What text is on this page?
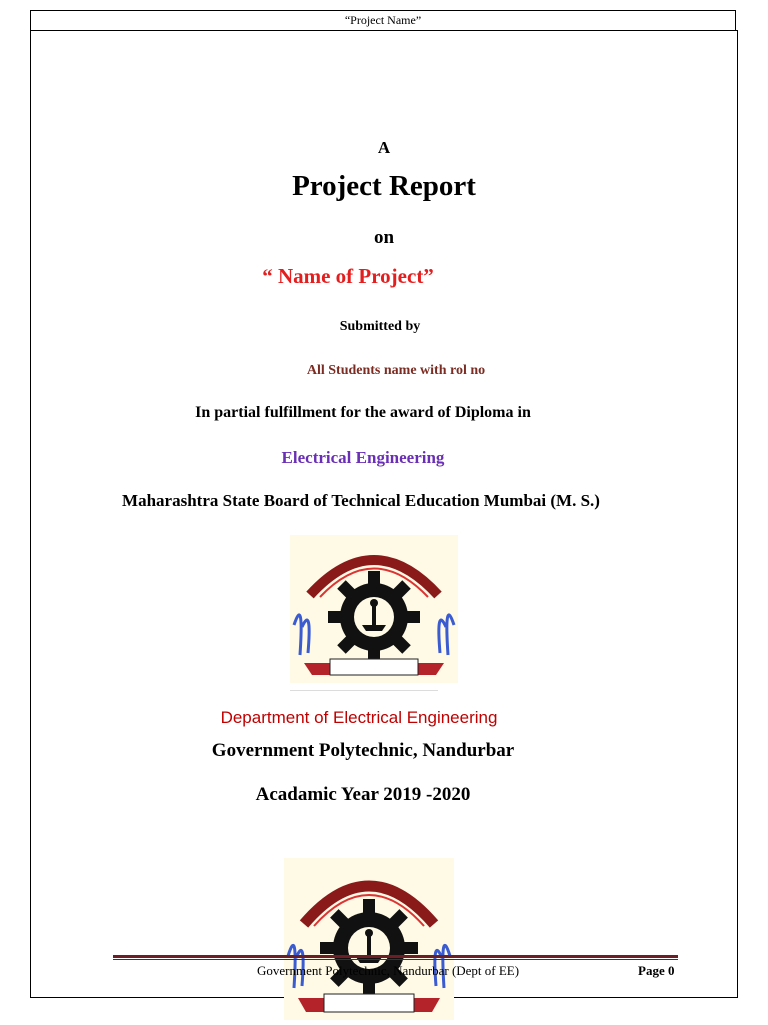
“Project Name”
A
Project Report
on
“ Name of Project”
Submitted by
All Students name with rol no
In partial fulfillment for the award of Diploma in
Electrical Engineering
Maharashtra State Board of Technical Education Mumbai (M. S.)
Department of Electrical Engineering
Government Polytechnic, Nandurbar
Acadamic Year 2019 -2020
Government Polytechnic, Nandurbar (Dept of EE)	Page 0
